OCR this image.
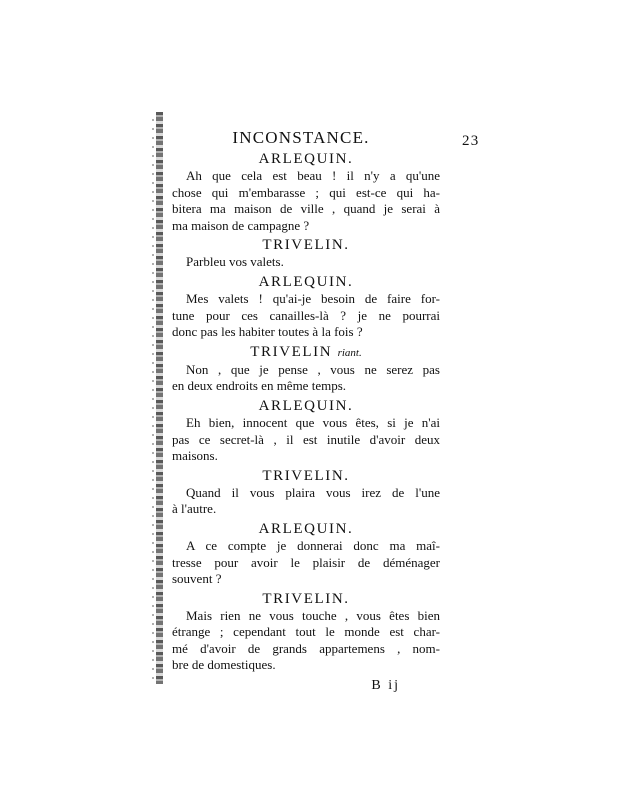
INCONSTANCE.	23
ARLEQUIN.
Ah que cela est beau ! il n'y a qu'une
chose qui m'embarasse ; qui est-ce qui ha-
bitera ma maison de ville , quand je serai à
ma maison de campagne ?
TRIVELIN.
Parbleu vos valets.
ARLEQUIN.
Mes valets ! qu'ai-je besoin de faire for-
tune pour ces canailles-là ? je ne pourrai
donc pas les habiter toutes à la fois ?
TRIVELIN riant.
Non , que je pense , vous ne serez pas
en deux endroits en même temps.
ARLEQUIN.
Eh bien, innocent que vous êtes, si je n'ai
pas ce secret-là , il est inutile d'avoir deux
maisons.
TRIVELIN.
Quand il vous plaira vous irez de l'une
à l'autre.
ARLEQUIN.
A ce compte je donnerai donc ma maî-
tresse pour avoir le plaisir de déménager
souvent ?
TRIVELIN.
Mais rien ne vous touche , vous êtes bien
étrange ; cependant tout le monde est char-
mé d'avoir de grands appartemens , nom-
bre de domestiques.
B ij
